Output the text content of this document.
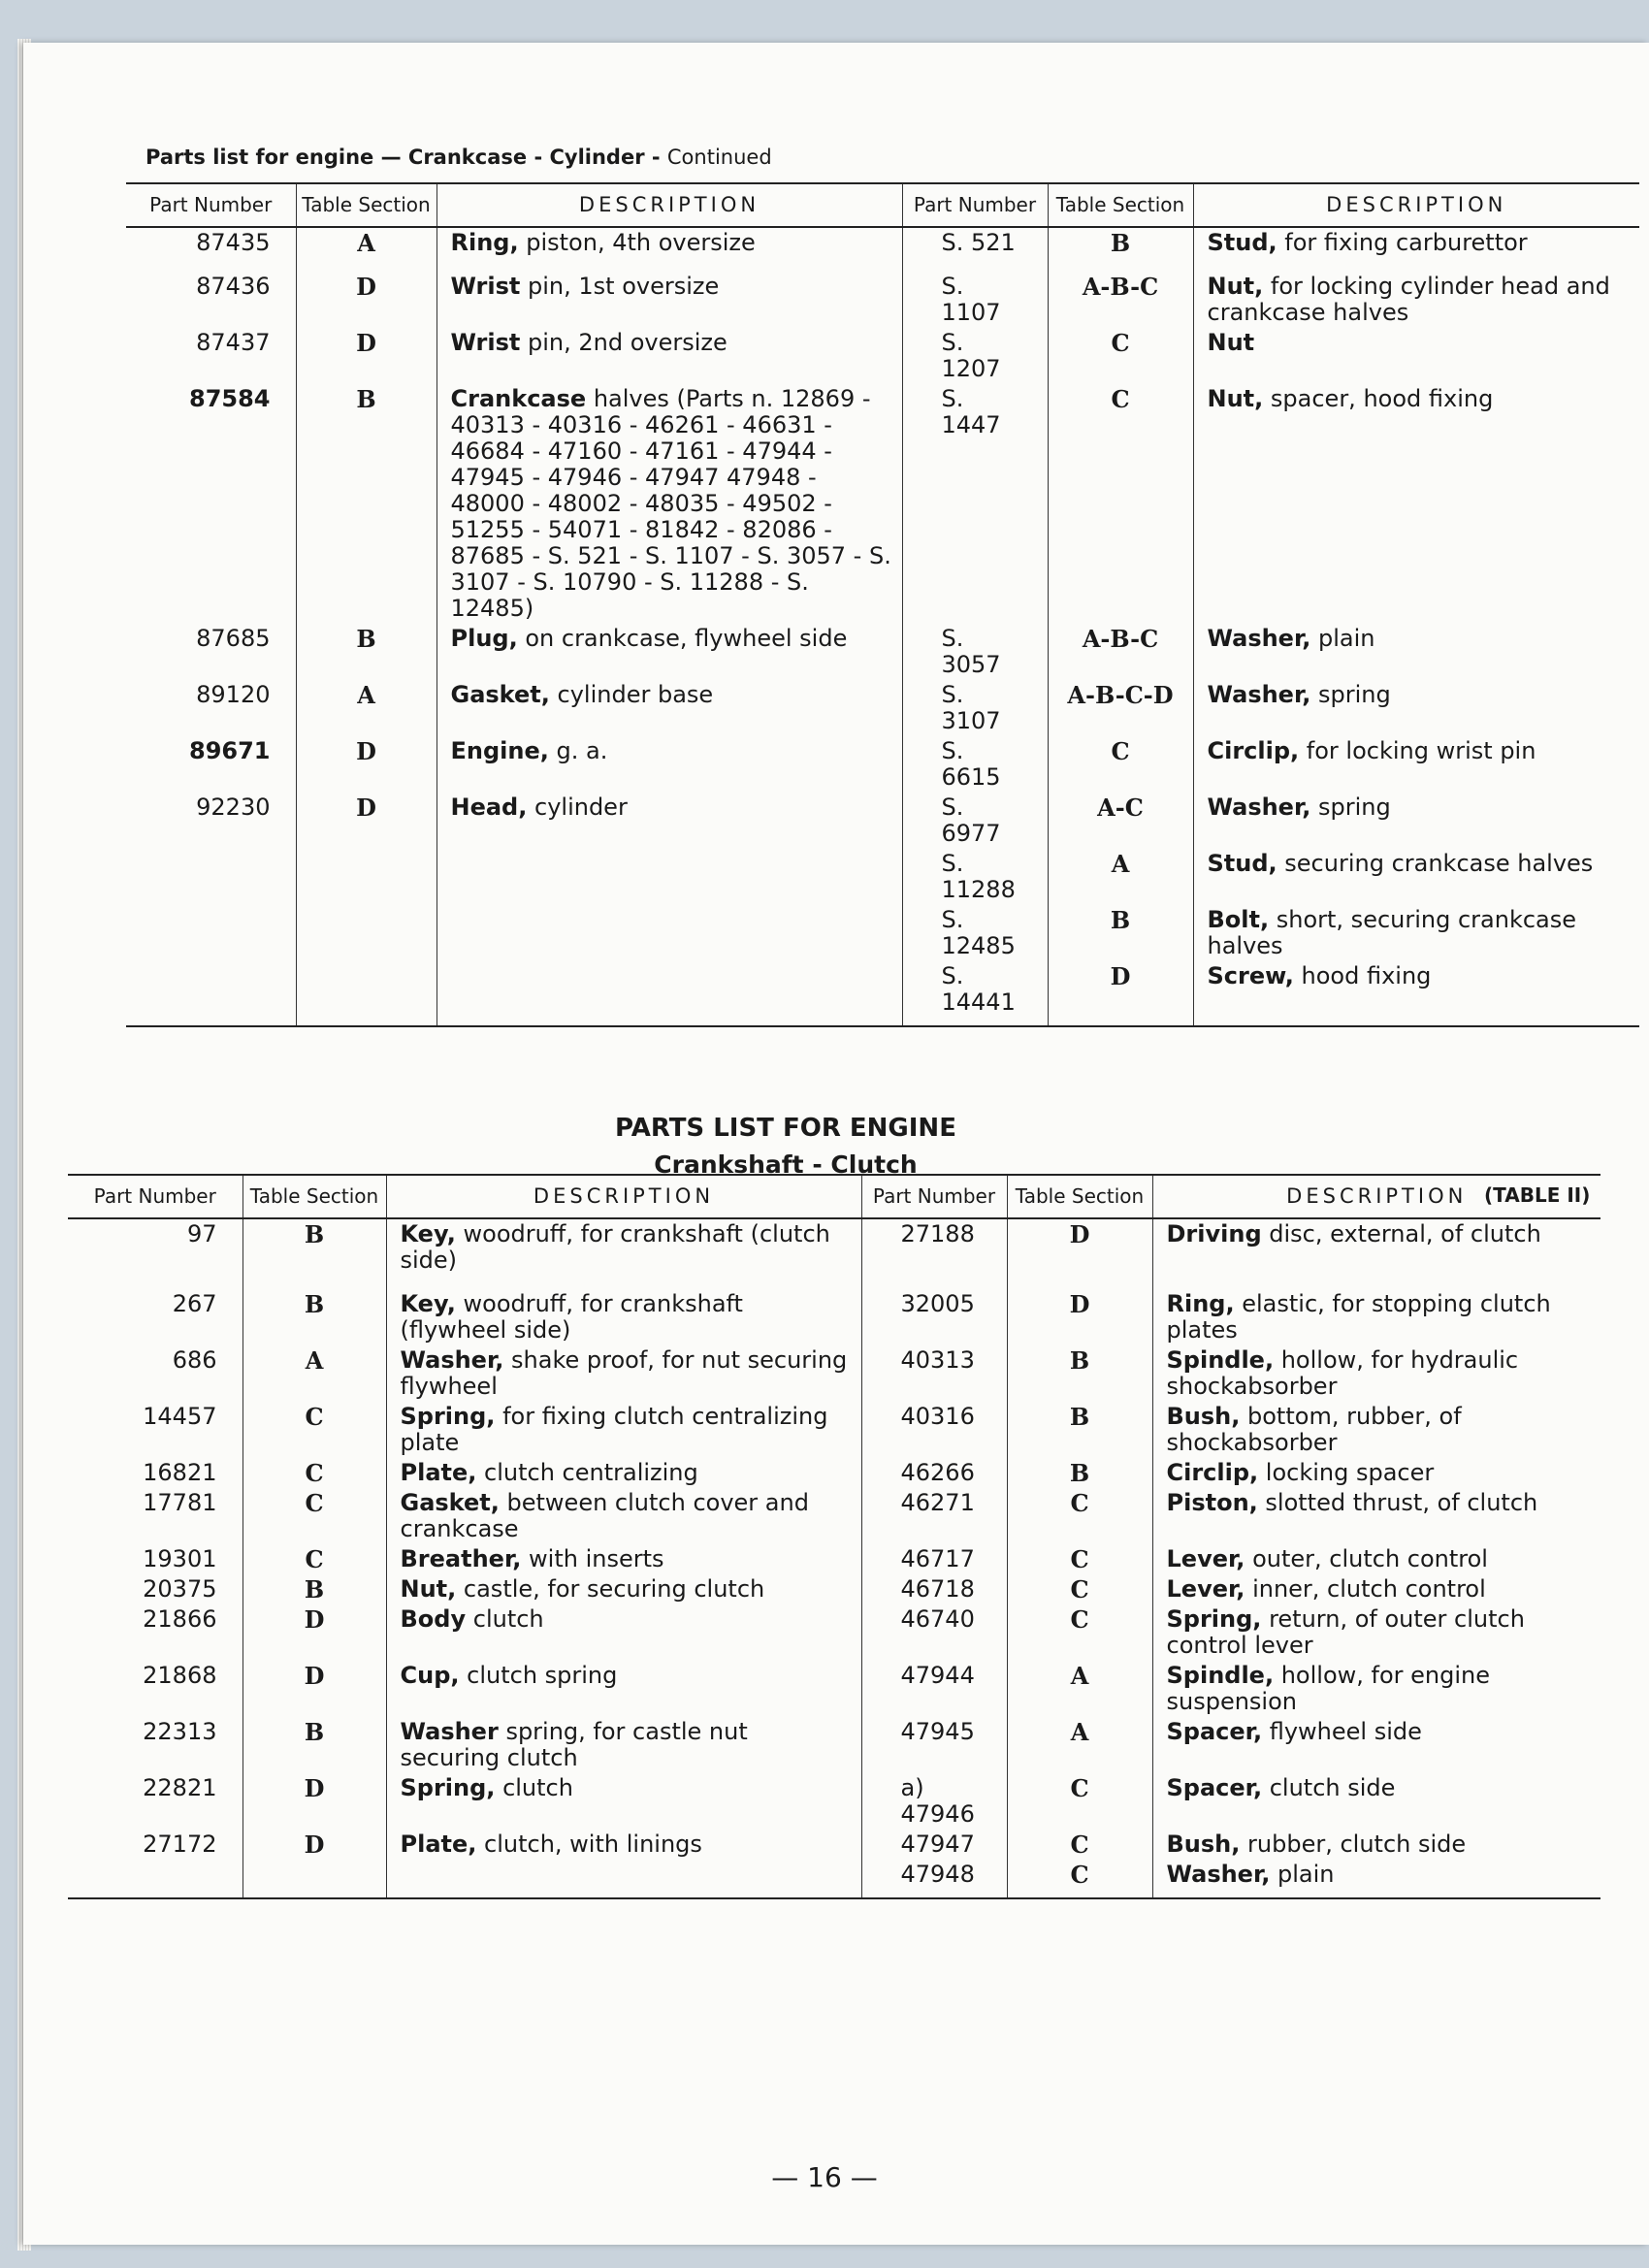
Parts list for engine — Crankcase - Cylinder - Continued
Part Number	Table Section	DESCRIPTION	Part Number	Table Section	DESCRIPTION
87435	A	Ring, piston, 4th oversize	S. 521	B	Stud, for fixing carburettor
87436	D	Wrist pin, 1st oversize	S. 1107	A-B-C	Nut, for locking cylinder head and crankcase halves
87437	D	Wrist pin, 2nd oversize	S. 1207	C	Nut
87584	B	Crankcase halves (Parts n. 12869 - 40313 - 40316 - 46261 - 46631 - 46684 - 47160 - 47161 - 47944 - 47945 - 47946 - 47947 47948 - 48000 - 48002 - 48035 - 49502 - 51255 - 54071 - 81842 - 82086 - 87685 - S. 521 - S. 1107 - S. 3057 - S. 3107 - S. 10790 - S. 11288 - S. 12485)	S. 1447	C	Nut, spacer, hood fixing
87685	B	Plug, on crankcase, flywheel side	S. 3057	A-B-C	Washer, plain
89120	A	Gasket, cylinder base	S. 3107	A-B-C-D	Washer, spring
89671	D	Engine, g. a.	S. 6615	C	Circlip, for locking wrist pin
92230	D	Head, cylinder	S. 6977	A-C	Washer, spring
			S. 11288	A	Stud, securing crankcase halves
			S. 12485	B	Bolt, short, securing crankcase halves
			S. 14441	D	Screw, hood fixing
PARTS LIST FOR ENGINE
Crankshaft - Clutch
(TABLE II)
Part Number	Table Section	DESCRIPTION	Part Number	Table Section	DESCRIPTION
97	B	Key, woodruff, for crankshaft (clutch side)	27188	D	Driving disc, external, of clutch
267	B	Key, woodruff, for crankshaft (flywheel side)	32005	D	Ring, elastic, for stopping clutch plates
686	A	Washer, shake proof, for nut securing flywheel	40313	B	Spindle, hollow, for hydraulic shockabsorber
14457	C	Spring, for fixing clutch centralizing plate	40316	B	Bush, bottom, rubber, of shockabsorber
16821	C	Plate, clutch centralizing	46266	B	Circlip, locking spacer
17781	C	Gasket, between clutch cover and crankcase	46271	C	Piston, slotted thrust, of clutch
19301	C	Breather, with inserts	46717	C	Lever, outer, clutch control
20375	B	Nut, castle, for securing clutch	46718	C	Lever, inner, clutch control
21866	D	Body clutch	46740	C	Spring, return, of outer clutch control lever
21868	D	Cup, clutch spring	47944	A	Spindle, hollow, for engine suspension
22313	B	Washer spring, for castle nut securing clutch	47945	A	Spacer, flywheel side
22821	D	Spring, clutch	a) 47946	C	Spacer, clutch side
27172	D	Plate, clutch, with linings	47947	C	Bush, rubber, clutch side
			47948	C	Washer, plain
— 16 —
